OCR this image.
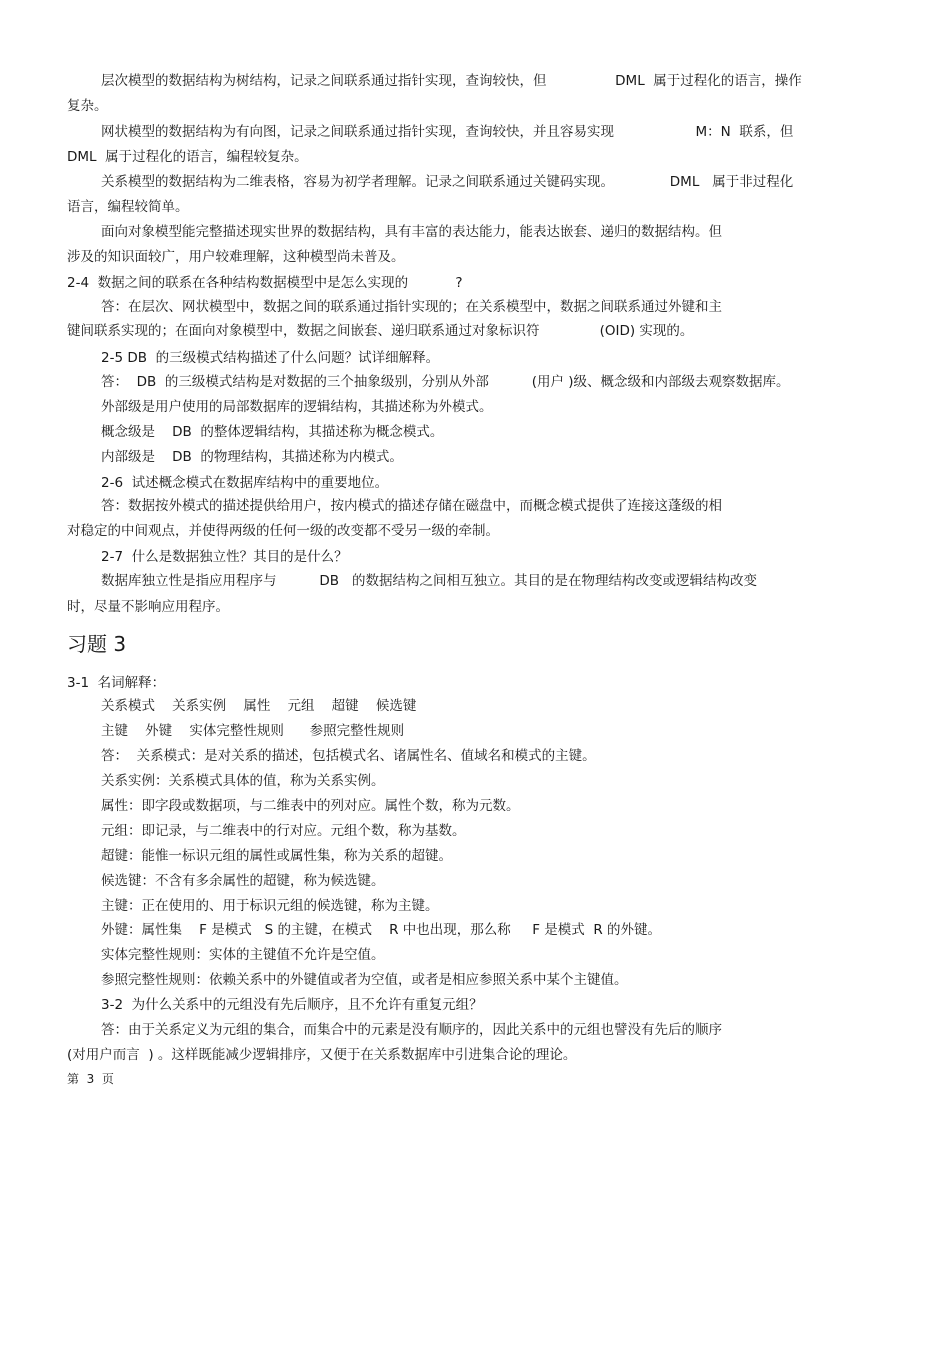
层次模型的数据结构为树结构，记录之间联系通过指针实现，查询较快，但                DML  属于过程化的语言，操作
复杂。
网状模型的数据结构为有向图，记录之间联系通过指针实现，查询较快，并且容易实现                   M：N  联系，但
DML  属于过程化的语言，编程较复杂。
关系模型的数据结构为二维表格，容易为初学者理解。记录之间联系通过关键码实现。             DML   属于非过程化
语言，编程较简单。
面向对象模型能完整描述现实世界的数据结构，具有丰富的表达能力，能表达嵌套、递归的数据结构。但
涉及的知识面较广，用户较难理解，这种模型尚未普及。
2-4  数据之间的联系在各种结构数据模型中是怎么实现的           ?
答：在层次、网状模型中，数据之间的联系通过指针实现的；在关系模型中，数据之间联系通过外键和主
键间联系实现的；在面向对象模型中，数据之间嵌套、递归联系通过对象标识符              (OID) 实现的。
2-5 DB  的三级模式结构描述了什么问题？试详细解释。
答：  DB  的三级模式结构是对数据的三个抽象级别，分别从外部          (用户 )级、概念级和内部级去观察数据库。
外部级是用户使用的局部数据库的逻辑结构，其描述称为外模式。
概念级是    DB  的整体逻辑结构，其描述称为概念模式。
内部级是    DB  的物理结构，其描述称为内模式。
2-6  试述概念模式在数据库结构中的重要地位。
答：数据按外模式的描述提供给用户，按内模式的描述存储在磁盘中，而概念模式提供了连接这蓬级的相
对稳定的中间观点，并使得两级的任何一级的改变都不受另一级的牵制。
2-7  什么是数据独立性？其目的是什么？
数据库独立性是指应用程序与          DB   的数据结构之间相互独立。其目的是在物理结构改变或逻辑结构改变
时，尽量不影响应用程序。
习题 3
3-1  名词解释：
关系模式    关系实例    属性    元组    超键    候选键
主键    外键    实体完整性规则      参照完整性规则
答：  关系模式：是对关系的描述，包括模式名、诸属性名、值域名和模式的主键。
关系实例：关系模式具体的值，称为关系实例。
属性：即字段或数据项，与二维表中的列对应。属性个数，称为元数。
元组：即记录，与二维表中的行对应。元组个数，称为基数。
超键：能惟一标识元组的属性或属性集，称为关系的超键。
候选键：不含有多余属性的超键，称为候选键。
主键：正在使用的、用于标识元组的候选键，称为主键。
外键：属性集    F 是模式   S 的主键，在模式    R 中也出现，那么称     F 是模式  R 的外键。
实体完整性规则：实体的主键值不允许是空值。
参照完整性规则：依赖关系中的外键值或者为空值，或者是相应参照关系中某个主键值。
3-2  为什么关系中的元组没有先后顺序，且不允许有重复元组？
答：由于关系定义为元组的集合，而集合中的元素是没有顺序的，因此关系中的元组也譬没有先后的顺序
(对用户而言  ) 。这样既能减少逻辑排序，又便于在关系数据库中引进集合论的理论。
第  3  页
